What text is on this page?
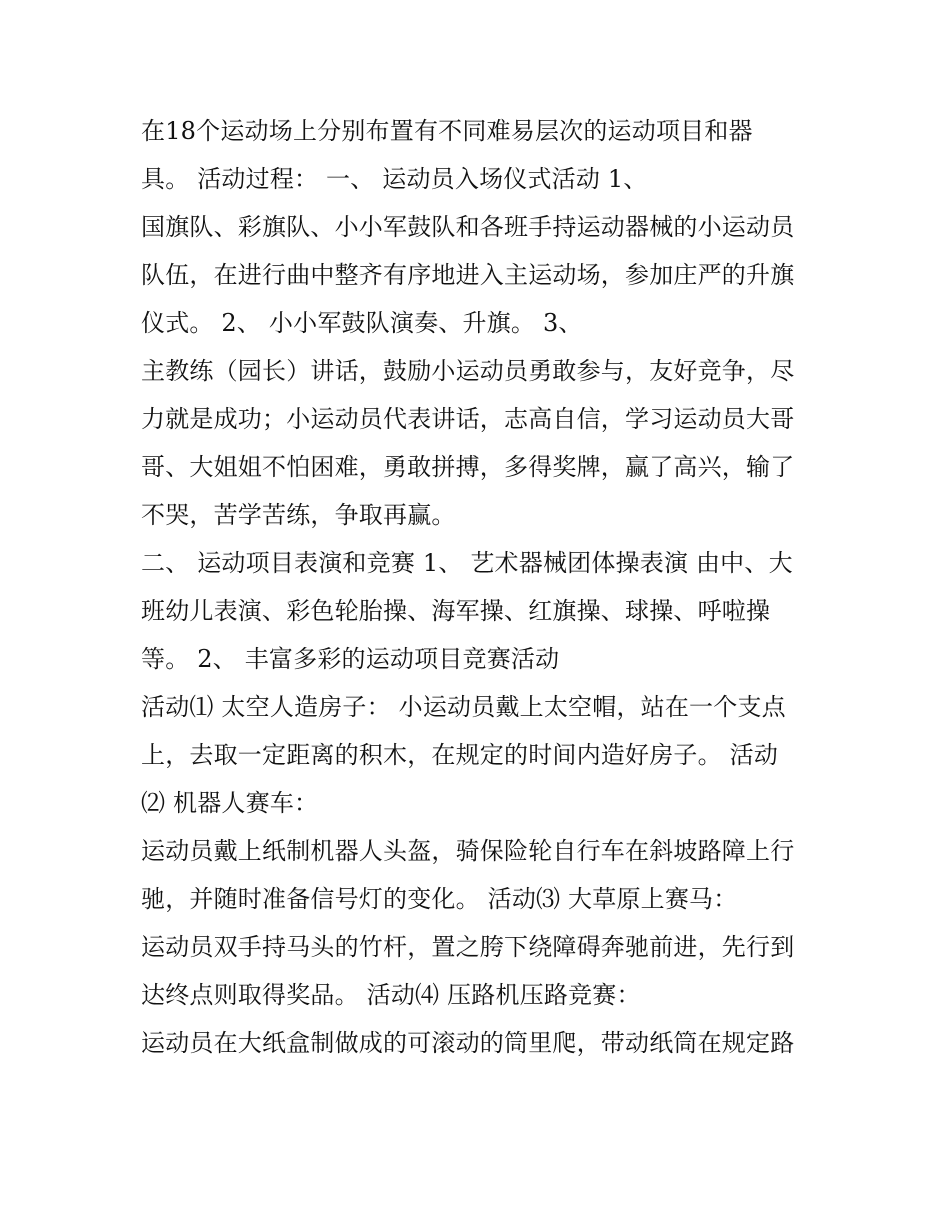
在18个运动场上分别布置有不同难易层次的运动项目和器
具。 活动过程： 一、 运动员入场仪式活动 1、
国旗队、彩旗队、小小军鼓队和各班手持运动器械的小运动员
队伍，在进行曲中整齐有序地进入主运动场，参加庄严的升旗
仪式。 2、 小小军鼓队演奏、升旗。 3、
主教练（园长）讲话，鼓励小运动员勇敢参与，友好竞争，尽
力就是成功；小运动员代表讲话，志高自信，学习运动员大哥
哥、大姐姐不怕困难，勇敢拼搏，多得奖牌，赢了高兴，输了
不哭，苦学苦练，争取再赢。
二、 运动项目表演和竞赛 1、 艺术器械团体操表演 由中、大
班幼儿表演、彩色轮胎操、海军操、红旗操、球操、呼啦操
等。 2、 丰富多彩的运动项目竞赛活动
活动⑴ 太空人造房子： 小运动员戴上太空帽，站在一个支点
上，去取一定距离的积木，在规定的时间内造好房子。 活动
⑵ 机器人赛车：
运动员戴上纸制机器人头盔，骑保险轮自行车在斜坡路障上行
驰，并随时准备信号灯的变化。 活动⑶ 大草原上赛马：
运动员双手持马头的竹杆，置之胯下绕障碍奔驰前进，先行到
达终点则取得奖品。 活动⑷ 压路机压路竞赛：
运动员在大纸盒制做成的可滚动的筒里爬，带动纸筒在规定路
